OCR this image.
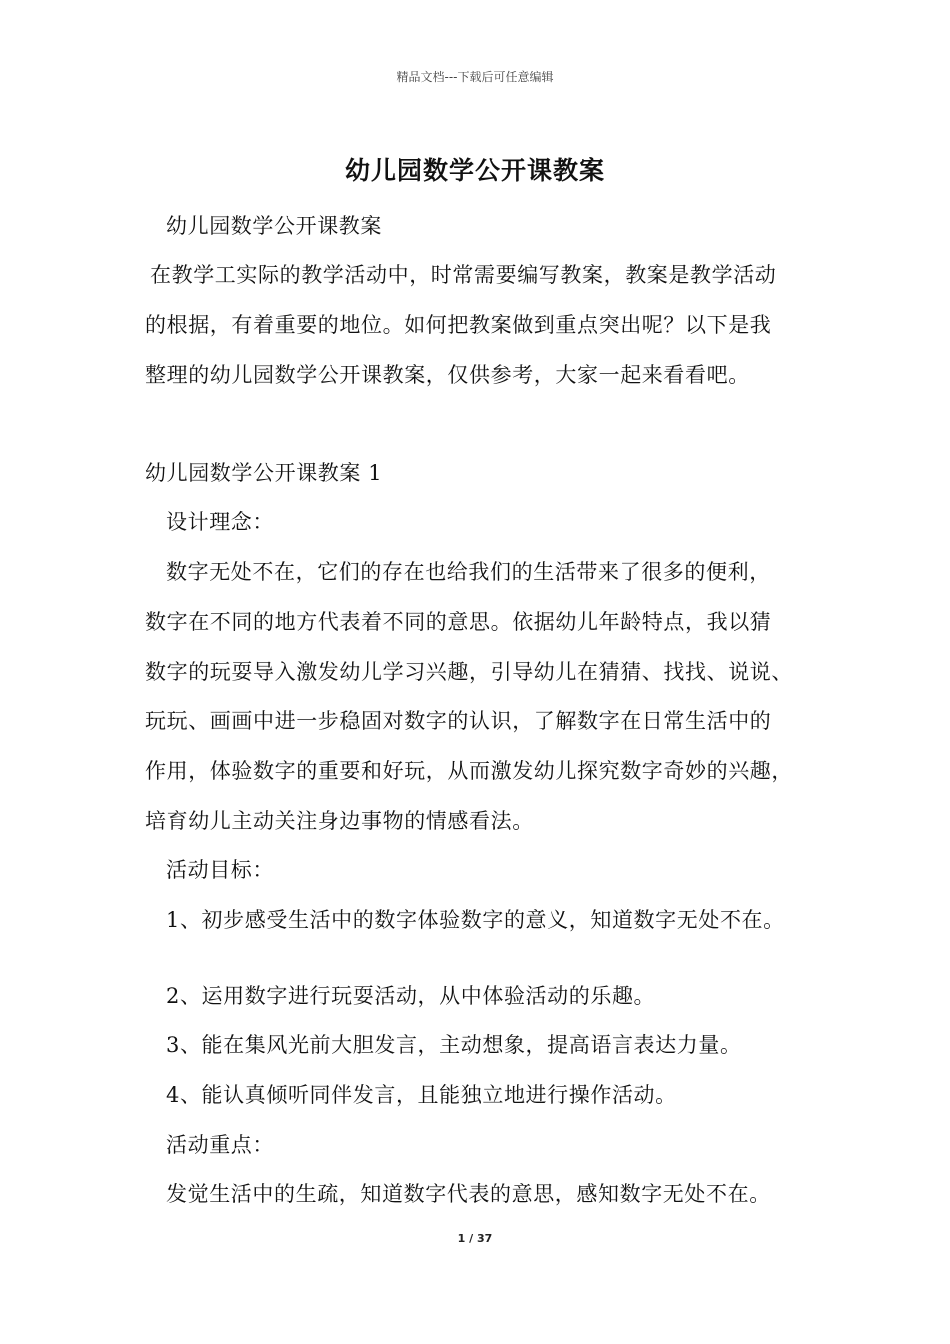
精品文档---下载后可任意编辑
幼儿园数学公开课教案
幼儿园数学公开课教案
在教学工实际的教学活动中，时常需要编写教案，教案是教学活动
的根据，有着重要的地位。如何把教案做到重点突出呢？以下是我
整理的幼儿园数学公开课教案，仅供参考，大家一起来看看吧。
幼儿园数学公开课教案 1
设计理念：
数字无处不在，它们的存在也给我们的生活带来了很多的便利，
数字在不同的地方代表着不同的意思。依据幼儿年龄特点，我以猜
数字的玩耍导入激发幼儿学习兴趣，引导幼儿在猜猜、找找、说说、
玩玩、画画中进一步稳固对数字的认识，了解数字在日常生活中的
作用，体验数字的重要和好玩，从而激发幼儿探究数字奇妙的兴趣，
培育幼儿主动关注身边事物的情感看法。
活动目标：
1、初步感受生活中的数字体验数字的意义，知道数字无处不在。
2、运用数字进行玩耍活动，从中体验活动的乐趣。
3、能在集风光前大胆发言，主动想象，提高语言表达力量。
4、能认真倾听同伴发言，且能独立地进行操作活动。
活动重点：
发觉生活中的生疏，知道数字代表的意思，感知数字无处不在。
1 / 37
